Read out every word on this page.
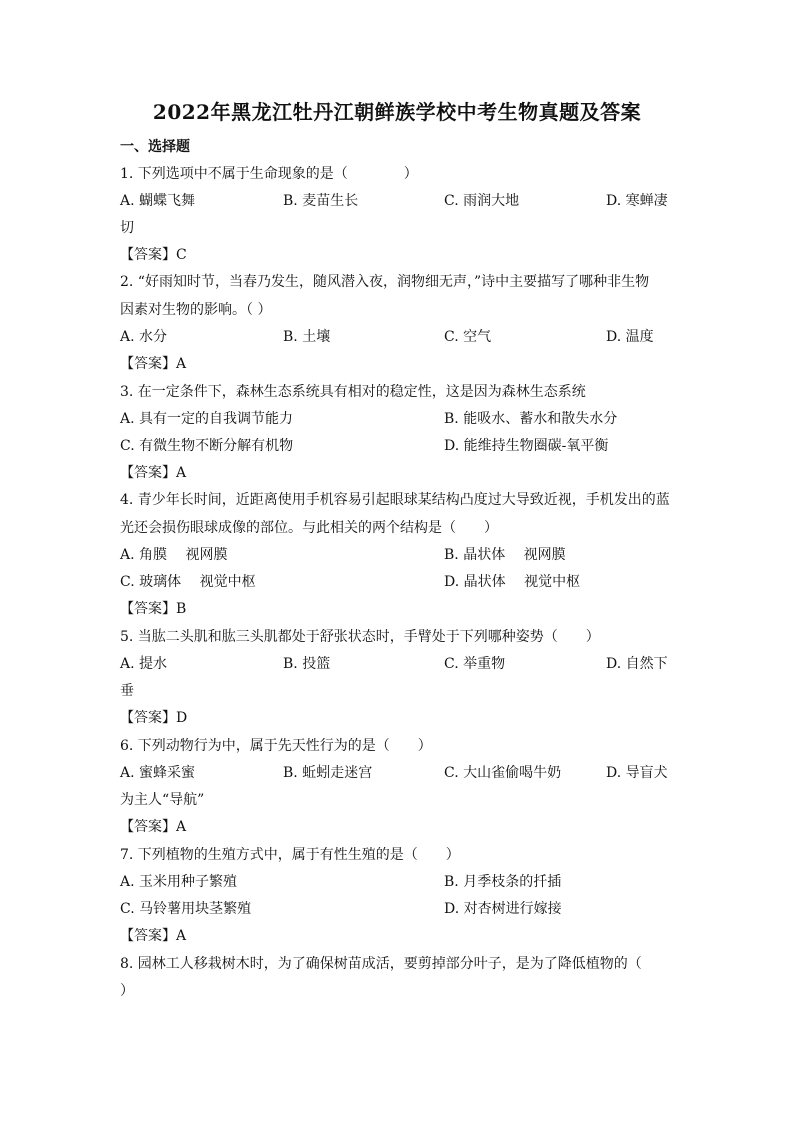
2022年黑龙江牡丹江朝鲜族学校中考生物真题及答案
一、选择题
1. 下列选项中不属于生命现象的是（　　　　）
A. 蝴蝶飞舞	B. 麦苗生长	C. 雨润大地	D. 寒蝉凄
切
【答案】C
2. “好雨知时节，当春乃发生，随风潜入夜，润物细无声，”诗中主要描写了哪种非生物
因素对生物的影响。（ ）
A. 水分	B. 土壤	C. 空气	D. 温度
【答案】A
3. 在一定条件下，森林生态系统具有相对的稳定性，这是因为森林生态系统
A. 具有一定的自我调节能力	B. 能吸水、蓄水和散失水分
C. 有微生物不断分解有机物	D. 能维持生物圈碳-氧平衡
【答案】A
4. 青少年长时间，近距离使用手机容易引起眼球某结构凸度过大导致近视，手机发出的蓝
光还会损伤眼球成像的部位。与此相关的两个结构是（　　）
A. 角膜　 视网膜	B. 晶状体　 视网膜
C. 玻璃体　 视觉中枢	D. 晶状体　 视觉中枢
【答案】B
5. 当肱二头肌和肱三头肌都处于舒张状态时，手臂处于下列哪种姿势（　　）
A. 提水	B. 投篮	C. 举重物	D. 自然下
垂
【答案】D
6. 下列动物行为中，属于先天性行为的是（　　）
A. 蜜蜂采蜜	B. 蚯蚓走迷宫	C. 大山雀偷喝牛奶	D. 导盲犬
为主人“导航”
【答案】A
7. 下列植物的生殖方式中，属于有性生殖的是（　　）
A. 玉米用种子繁殖	B. 月季枝条的扦插
C. 马铃薯用块茎繁殖	D. 对杏树进行嫁接
【答案】A
8. 园林工人移栽树木时，为了确保树苗成活，要剪掉部分叶子，是为了降低植物的（
）
